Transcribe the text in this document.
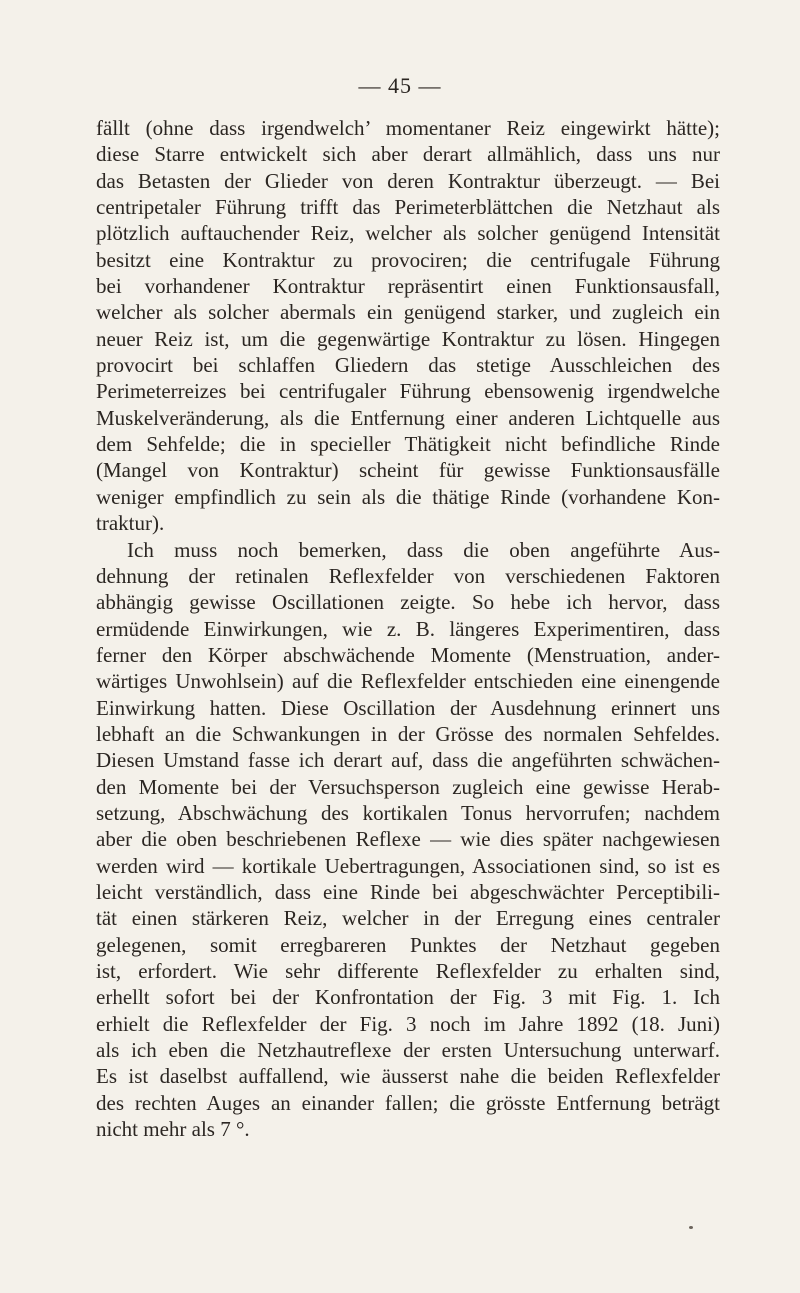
— 45 —
fällt (ohne dass irgendwelch’ momentaner Reiz eingewirkt hätte);
diese Starre entwickelt sich aber derart allmählich, dass uns nur
das Betasten der Glieder von deren Kontraktur überzeugt. — Bei
centripetaler Führung trifft das Perimeterblättchen die Netzhaut als
plötzlich auftauchender Reiz, welcher als solcher genügend Intensität
besitzt eine Kontraktur zu provociren; die centrifugale Führung
bei vorhandener Kontraktur repräsentirt einen Funktionsausfall,
welcher als solcher abermals ein genügend starker, und zugleich ein
neuer Reiz ist, um die gegenwärtige Kontraktur zu lösen. Hingegen
provocirt bei schlaffen Gliedern das stetige Ausschleichen des
Perimeterreizes bei centrifugaler Führung ebensowenig irgendwelche
Muskelveränderung, als die Entfernung einer anderen Lichtquelle aus
dem Sehfelde; die in specieller Thätigkeit nicht befindliche Rinde
(Mangel von Kontraktur) scheint für gewisse Funktionsausfälle
weniger empfindlich zu sein als die thätige Rinde (vorhandene Kon-
traktur).
Ich muss noch bemerken, dass die oben angeführte Aus-
dehnung der retinalen Reflexfelder von verschiedenen Faktoren
abhängig gewisse Oscillationen zeigte. So hebe ich hervor, dass
ermüdende Einwirkungen, wie z. B. längeres Experimentiren, dass
ferner den Körper abschwächende Momente (Menstruation, ander-
wärtiges Unwohlsein) auf die Reflexfelder entschieden eine einengende
Einwirkung hatten. Diese Oscillation der Ausdehnung erinnert uns
lebhaft an die Schwankungen in der Grösse des normalen Sehfeldes.
Diesen Umstand fasse ich derart auf, dass die angeführten schwächen-
den Momente bei der Versuchsperson zugleich eine gewisse Herab-
setzung, Abschwächung des kortikalen Tonus hervorrufen; nachdem
aber die oben beschriebenen Reflexe — wie dies später nachgewiesen
werden wird — kortikale Uebertragungen, Associationen sind, so ist es
leicht verständlich, dass eine Rinde bei abgeschwächter Perceptibili-
tät einen stärkeren Reiz, welcher in der Erregung eines centraler
gelegenen, somit erregbareren Punktes der Netzhaut gegeben
ist, erfordert. Wie sehr differente Reflexfelder zu erhalten sind,
erhellt sofort bei der Konfrontation der Fig. 3 mit Fig. 1. Ich
erhielt die Reflexfelder der Fig. 3 noch im Jahre 1892 (18. Juni)
als ich eben die Netzhautreflexe der ersten Untersuchung unterwarf.
Es ist daselbst auffallend, wie äusserst nahe die beiden Reflexfelder
des rechten Auges an einander fallen; die grösste Entfernung beträgt
nicht mehr als 7 °.
